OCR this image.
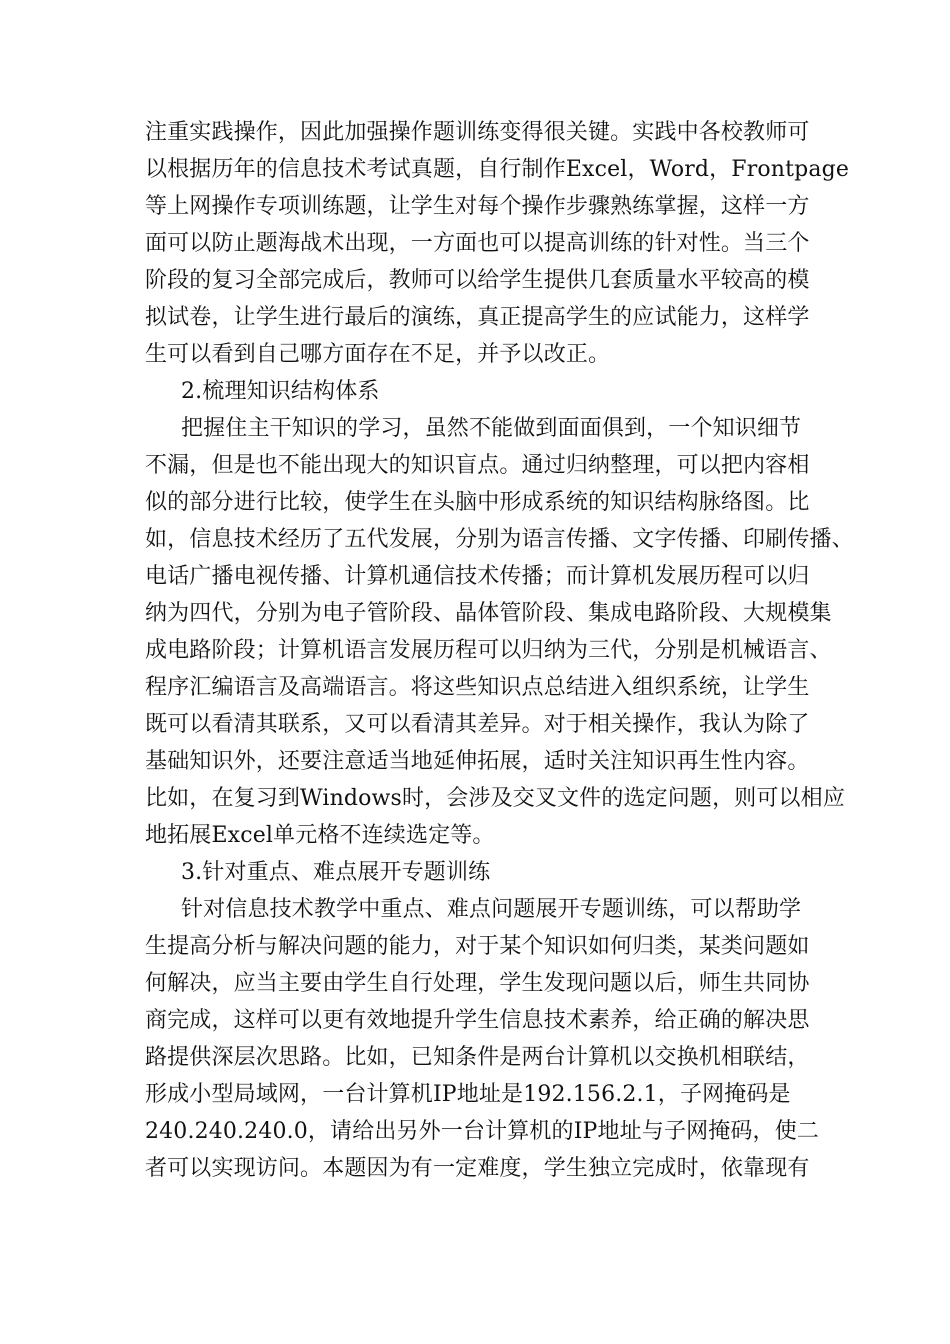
注重实践操作，因此加强操作题训练变得很关键。实践中各校教师可
以根据历年的信息技术考试真题，自行制作Excel，Word，Frontpage
等上网操作专项训练题，让学生对每个操作步骤熟练掌握，这样一方
面可以防止题海战术出现，一方面也可以提高训练的针对性。当三个
阶段的复习全部完成后，教师可以给学生提供几套质量水平较高的模
拟试卷，让学生进行最后的演练，真正提高学生的应试能力，这样学
生可以看到自己哪方面存在不足，并予以改正。
2.梳理知识结构体系
把握住主干知识的学习，虽然不能做到面面俱到，一个知识细节
不漏，但是也不能出现大的知识盲点。通过归纳整理，可以把内容相
似的部分进行比较，使学生在头脑中形成系统的知识结构脉络图。比
如，信息技术经历了五代发展，分别为语言传播、文字传播、印刷传播、
电话广播电视传播、计算机通信技术传播；而计算机发展历程可以归
纳为四代，分别为电子管阶段、晶体管阶段、集成电路阶段、大规模集
成电路阶段；计算机语言发展历程可以归纳为三代，分别是机械语言、
程序汇编语言及高端语言。将这些知识点总结进入组织系统，让学生
既可以看清其联系，又可以看清其差异。对于相关操作，我认为除了
基础知识外，还要注意适当地延伸拓展，适时关注知识再生性内容。
比如，在复习到Windows时，会涉及交叉文件的选定问题，则可以相应
地拓展Excel单元格不连续选定等。
3.针对重点、难点展开专题训练
针对信息技术教学中重点、难点问题展开专题训练，可以帮助学
生提高分析与解决问题的能力，对于某个知识如何归类，某类问题如
何解决，应当主要由学生自行处理，学生发现问题以后，师生共同协
商完成，这样可以更有效地提升学生信息技术素养，给正确的解决思
路提供深层次思路。比如，已知条件是两台计算机以交换机相联结，
形成小型局域网，一台计算机IP地址是192.156.2.1，子网掩码是
240.240.240.0，请给出另外一台计算机的IP地址与子网掩码，使二
者可以实现访问。本题因为有一定难度，学生独立完成时，依靠现有
